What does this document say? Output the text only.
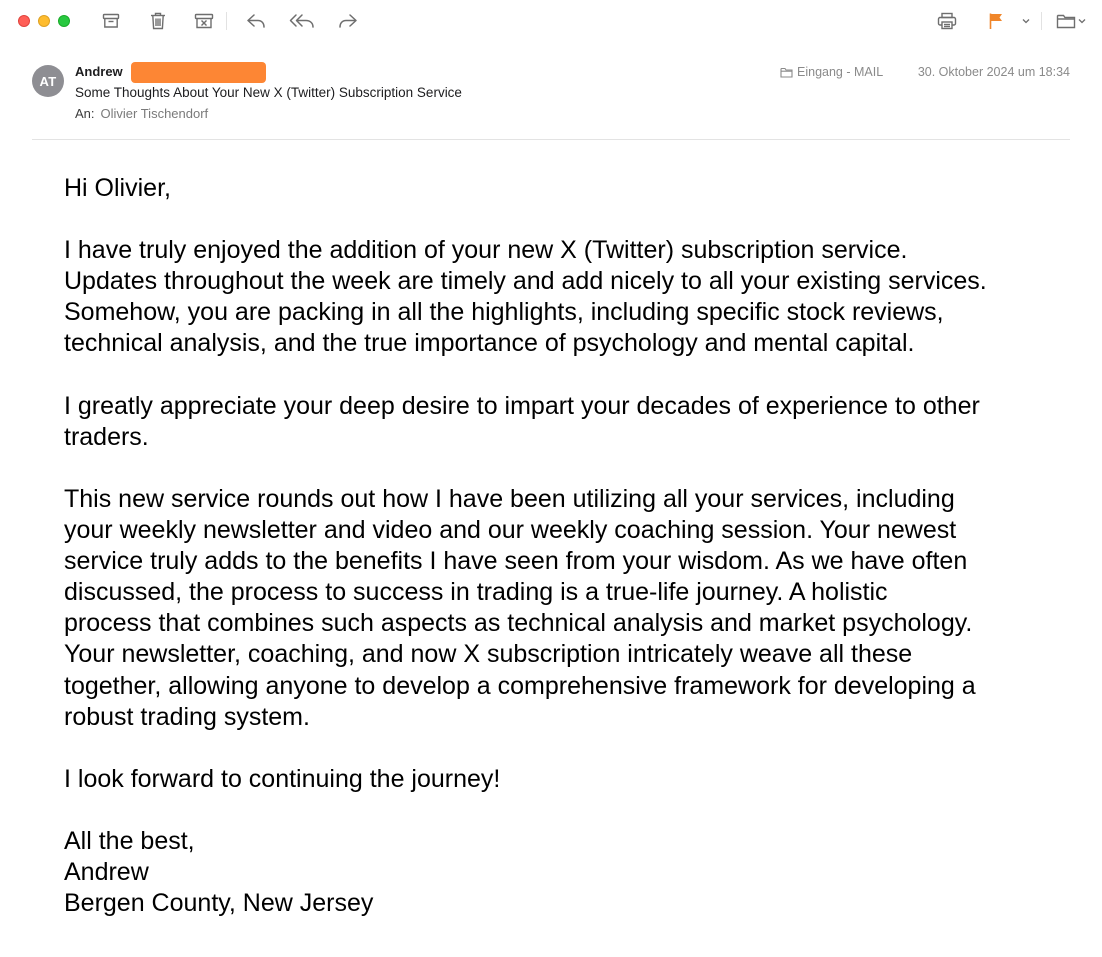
AT
Andrew
Some Thoughts About Your New X (Twitter) Subscription Service
An: Olivier Tischendorf
Eingang - MAIL	30. Oktober 2024 um 18:34

Hi Olivier,

I have truly enjoyed the addition of your new X (Twitter) subscription service.

Updates throughout the week are timely and add nicely to all your existing services.

Somehow, you are packing in all the highlights, including specific stock reviews,

technical analysis, and the true importance of psychology and mental capital.

I greatly appreciate your deep desire to impart your decades of experience to other

traders.

This new service rounds out how I have been utilizing all your services, including

your weekly newsletter and video and our weekly coaching session. Your newest

service truly adds to the benefits I have seen from your wisdom. As we have often

discussed, the process to success in trading is a true-life journey. A holistic

process that combines such aspects as technical analysis and market psychology.

Your newsletter, coaching, and now X subscription intricately weave all these

together, allowing anyone to develop a comprehensive framework for developing a

robust trading system.

I look forward to continuing the journey!

All the best,

Andrew

Bergen County, New Jersey
